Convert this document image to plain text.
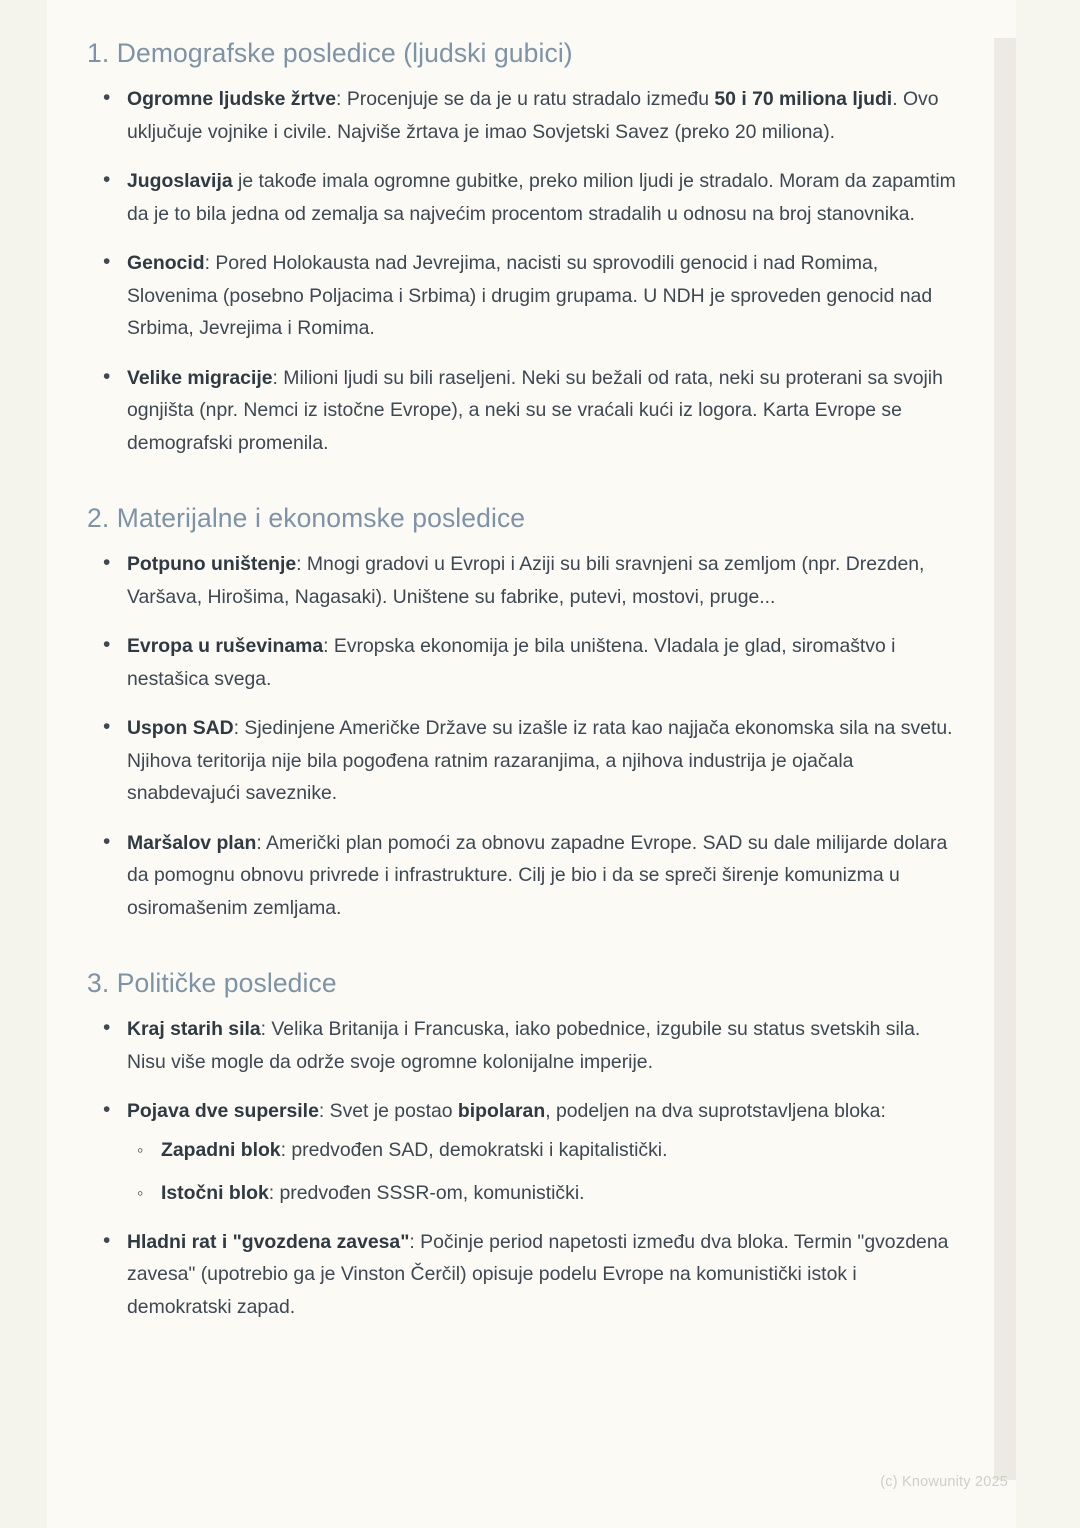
1. Demografske posledice (ljudski gubici)
• Ogromne ljudske žrtve: Procenjuje se da je u ratu stradalo između 50 i 70 miliona ljudi. Ovo uključuje vojnike i civile. Najviše žrtava je imao Sovjetski Savez (preko 20 miliona).
• Jugoslavija je takođe imala ogromne gubitke, preko milion ljudi je stradalo. Moram da zapamtim da je to bila jedna od zemalja sa najvećim procentom stradalih u odnosu na broj stanovnika.
• Genocid: Pored Holokausta nad Jevrejima, nacisti su sprovodili genocid i nad Romima, Slovenima (posebno Poljacima i Srbima) i drugim grupama. U NDH je sproveden genocid nad Srbima, Jevrejima i Romima.
• Velike migracije: Milioni ljudi su bili raseljeni. Neki su bežali od rata, neki su proterani sa svojih ognjišta (npr. Nemci iz istočne Evrope), a neki su se vraćali kući iz logora. Karta Evrope se demografski promenila.
2. Materijalne i ekonomske posledice
• Potpuno uništenje: Mnogi gradovi u Evropi i Aziji su bili sravnjeni sa zemljom (npr. Drezden, Varšava, Hirošima, Nagasaki). Uništene su fabrike, putevi, mostovi, pruge...
• Evropa u ruševinama: Evropska ekonomija je bila uništena. Vladala je glad, siromaštvo i nestašica svega.
• Uspon SAD: Sjedinjene Američke Države su izašle iz rata kao najjača ekonomska sila na svetu. Njihova teritorija nije bila pogođena ratnim razaranjima, a njihova industrija je ojačala snabdevajući saveznike.
• Maršalov plan: Američki plan pomoći za obnovu zapadne Evrope. SAD su dale milijarde dolara da pomognu obnovu privrede i infrastrukture. Cilj je bio i da se spreči širenje komunizma u osiromašenim zemljama.
3. Političke posledice
• Kraj starih sila: Velika Britanija i Francuska, iako pobednice, izgubile su status svetskih sila. Nisu više mogle da održe svoje ogromne kolonijalne imperije.
• Pojava dve supersile: Svet je postao bipolaran, podeljen na dva suprotstavljena bloka:
◦ Zapadni blok: predvođen SAD, demokratski i kapitalistički.
◦ Istočni blok: predvođen SSSR-om, komunistički.
• Hladni rat i "gvozdena zavesa": Počinje period napetosti između dva bloka. Termin "gvozdena zavesa" (upotrebio ga je Vinston Čerčil) opisuje podelu Evrope na komunistički istok i demokratski zapad.
(c) Knowunity 2025
